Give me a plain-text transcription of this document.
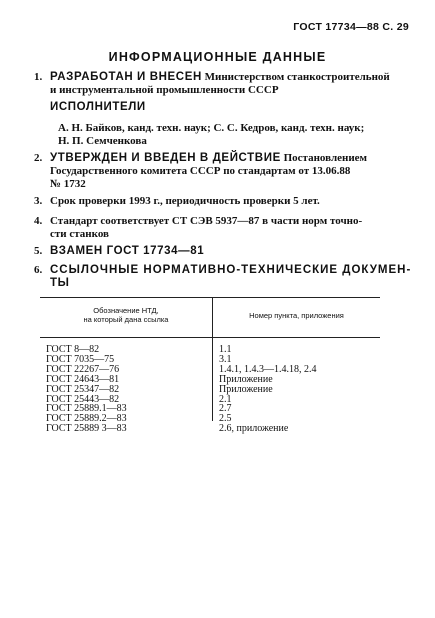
ГОСТ 17734—88 С. 29
ИНФОРМАЦИОННЫЕ ДАННЫЕ
1. РАЗРАБОТАН И ВНЕСЕН Министерством станкостроительной
и инструментальной промышленности СССР
ИСПОЛНИТЕЛИ
А. Н. Байков, канд. техн. наук; С. С. Кедров, канд. техн. наук;
Н. П. Семченкова
2. УТВЕРЖДЕН И ВВЕДЕН В ДЕЙСТВИЕ Постановлением
Государственного комитета СССР по стандартам от 13.06.88
№ 1732
3. Срок проверки 1993 г., периодичность проверки 5 лет.
4. Стандарт соответствует СТ СЭВ 5937—87 в части норм точно-
сти станков
5. ВЗАМЕН ГОСТ 17734—81
6. ССЫЛОЧНЫЕ НОРМАТИВНО-ТЕХНИЧЕСКИЕ ДОКУМЕН-
ТЫ
Обозначение НТД,
на который дана ссылка	Номер пункта, приложения
ГОСТ 8—82
ГОСТ 7035—75
ГОСТ 22267—76
ГОСТ 24643—81
ГОСТ 25347—82
ГОСТ 25443—82
ГОСТ 25889.1—83
ГОСТ 25889.2—83
ГОСТ 25889 3—83
1.1
3.1
1.4.1, 1.4.3—1.4.18, 2.4
Приложение
Приложение
2.1
2.7
2.5
2.6, приложение
